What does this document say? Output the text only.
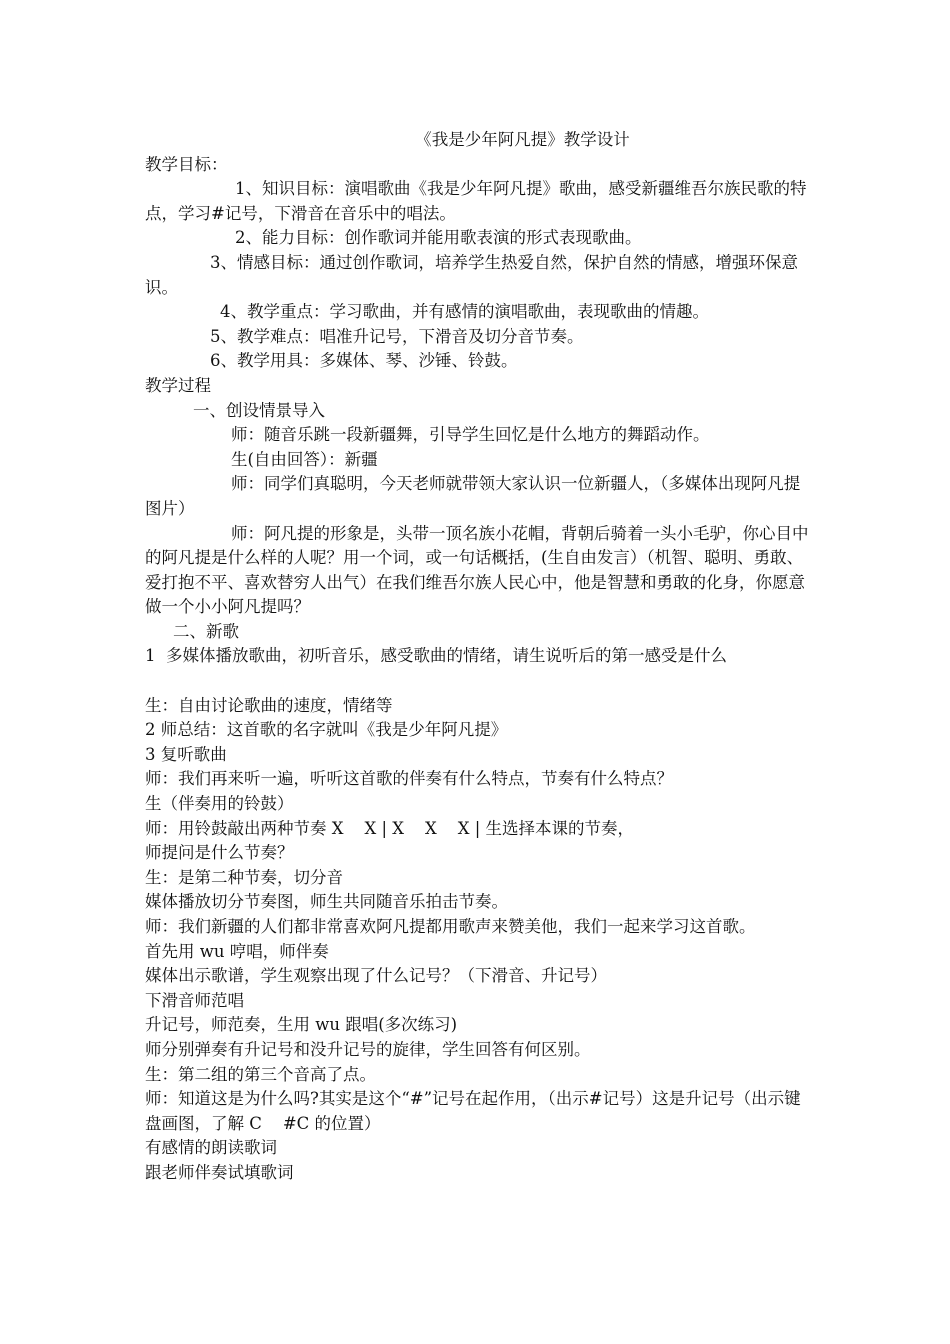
《我是少年阿凡提》教学设计

教学目标：

1、知识目标：演唱歌曲《我是少年阿凡提》歌曲，感受新疆维吾尔族民歌的特点，学习#记号，下滑音在音乐中的唱法。

2、能力目标：创作歌词并能用歌表演的形式表现歌曲。

3、情感目标：通过创作歌词，培养学生热爱自然，保护自然的情感，增强环保意识。

4、教学重点：学习歌曲，并有感情的演唱歌曲，表现歌曲的情趣。

5、教学难点：唱准升记号，下滑音及切分音节奏。

6、教学用具：多媒体、琴、沙锤、铃鼓。

教学过程

一、创设情景导入

师：随音乐跳一段新疆舞，引导学生回忆是什么地方的舞蹈动作。

生(自由回答）：新疆

师：同学们真聪明，今天老师就带领大家认识一位新疆人，（多媒体出现阿凡提图片）

师：阿凡提的形象是，头带一顶名族小花帽，背朝后骑着一头小毛驴，你心目中的阿凡提是什么样的人呢？用一个词，或一句话概括，(生自由发言）（机智、聪明、勇敢、爱打抱不平、喜欢替穷人出气）在我们维吾尔族人民心中，他是智慧和勇敢的化身，你愿意做一个小小阿凡提吗？

二、新歌

1  多媒体播放歌曲，初听音乐，感受歌曲的情绪，请生说听后的第一感受是什么

生：自由讨论歌曲的速度，情绪等

2 师总结：这首歌的名字就叫《我是少年阿凡提》

3 复听歌曲

师：我们再来听一遍，听听这首歌的伴奏有什么特点，节奏有什么特点？

生（伴奏用的铃鼓）

师：用铃鼓敲出两种节奏 X    X | X    X    X | 生选择本课的节奏，

师提问是什么节奏？

生：是第二种节奏，切分音

媒体播放切分节奏图，师生共同随音乐拍击节奏。

师：我们新疆的人们都非常喜欢阿凡提都用歌声来赞美他，我们一起来学习这首歌。

首先用 wu 哼唱，师伴奏

媒体出示歌谱，学生观察出现了什么记号？（下滑音、升记号）

下滑音师范唱

升记号，师范奏，生用 wu 跟唱(多次练习)

师分别弹奏有升记号和没升记号的旋律，学生回答有何区别。

生：第二组的第三个音高了点。

师：知道这是为什么吗?其实是这个“#”记号在起作用，（出示#记号）这是升记号（出示键盘画图，了解 C    #C 的位置）

有感情的朗读歌词

跟老师伴奏试填歌词
